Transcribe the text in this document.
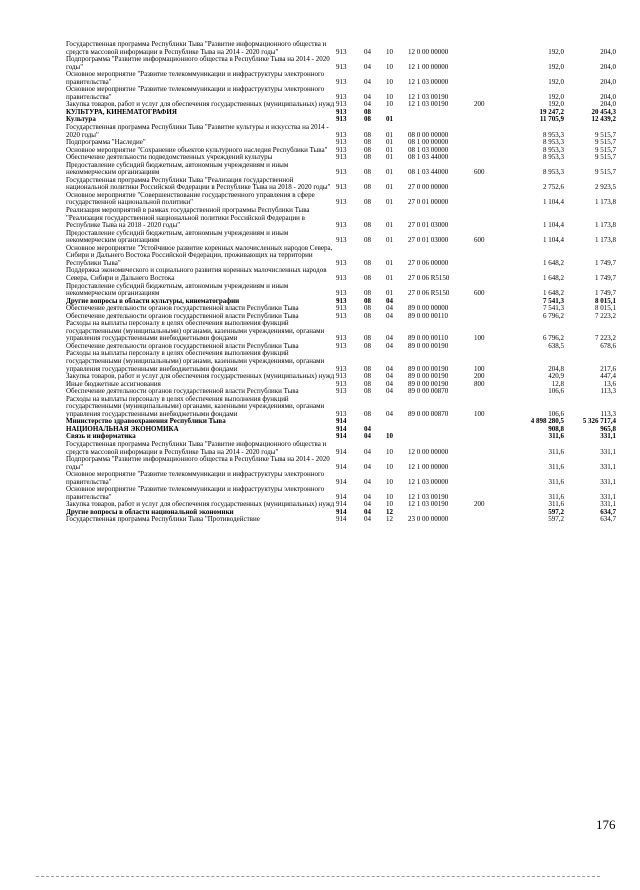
Государственная программа Республики Тыва "Развитие информационного общества и средств массовой информации в Республике Тыва на 2014 - 2020 годы"	913	04	10	12 0 00 00000		192,0	204,0
Подпрограмма "Развитие информационного общества в Республике Тыва на 2014 - 2020 годы"	913	04	10	12 1 00 00000		192,0	204,0
Основное мероприятие "Развитие телекоммуникации и инфраструктуры электронного правительства"	913	04	10	12 1 03 00000		192,0	204,0
Основное мероприятие "Развитие телекоммуникации и инфраструктуры электронного правительства"	913	04	10	12 1 03 00190		192,0	204,0
Закупка товаров, работ и услуг для обеспечения государственных (муниципальных) нужд	913	04	10	12 1 03 00190	200	192,0	204,0
КУЛЬТУРА, КИНЕМАТОГРАФИЯ	913	08				19 247,2	20 454,3
Культура	913	08	01			11 705,9	12 439,2
Государственная программа Республики Тыва "Развитие культуры и искусства на 2014 - 2020 годы"	913	08	01	08 0 00 00000		8 953,3	9 515,7
Подпрограмма "Наследие"	913	08	01	08 1 00 00000		8 953,3	9 515,7
Основное мероприятие "Сохранение объектов культурного наследия Республики Тыва"	913	08	01	08 1 03 00000		8 953,3	9 515,7
Обеспечение деятельности подведомственных учреждений культуры	913	08	01	08 1 03 44000		8 953,3	9 515,7
Предоставление субсидий бюджетным, автономным учреждениям и иным некоммерческим организациям	913	08	01	08 1 03 44000	600	8 953,3	9 515,7
Государственная программа Республики Тыва "Реализация государственной национальной политики Российской Федерации в Республике Тыва на 2018 - 2020 годы"	913	08	01	27 0 00 00000		2 752,6	2 923,5
Основное мероприятие "Совершенствование государственного управления в сфере государственной национальной политики"	913	08	01	27 0 01 00000		1 104,4	1 173,8
Реализация мероприятий в рамках государственной программы Республики Тыва "Реализация государственной национальной политики Российской Федерации в Республике Тыва на 2018 - 2020 годы"	913	08	01	27 0 01 03000		1 104,4	1 173,8
Предоставление субсидий бюджетным, автономным учреждениям и иным некоммерческим организациям	913	08	01	27 0 01 03000	600	1 104,4	1 173,8
Основное мероприятие "Устойчивое развитие коренных малочисленных народов Севера, Сибири и Дальнего Востока Российской Федерации, проживающих на территории Республики Тыва"	913	08	01	27 0 06 00000		1 648,2	1 749,7
Поддержка экономического и социального развития коренных малочисленных народов Севера, Сибири и Дальнего Востока	913	08	01	27 0 06 R5150		1 648,2	1 749,7
Предоставление субсидий бюджетным, автономным учреждениям и иным некоммерческим организациям	913	08	01	27 0 06 R5150	600	1 648,2	1 749,7
Другие вопросы в области культуры, кинематографии	913	08	04			7 541,3	8 015,1
Обеспечение деятельности органов государственной власти Республики Тыва	913	08	04	89 0 00 00000		7 541,3	8 015,1
Обеспечение деятельности органов государственной власти Республики Тыва	913	08	04	89 0 00 00110		6 796,2	7 223,2
Расходы на выплаты персоналу в целях обеспечения выполнения функций государственными (муниципальными) органами, казенными учреждениями, органами управления государственными внебюджетными фондами	913	08	04	89 0 00 00110	100	6 796,2	7 223,2
Обеспечение деятельности органов государственной власти Республики Тыва	913	08	04	89 0 00 00190		638,5	678,6
Расходы на выплаты персоналу в целях обеспечения выполнения функций государственными (муниципальными) органами, казенными учреждениями, органами управления государственными внебюджетными фондами	913	08	04	89 0 00 00190	100	204,8	217,6
Закупка товаров, работ и услуг для обеспечения государственных (муниципальных) нужд	913	08	04	89 0 00 00190	200	420,9	447,4
Иные бюджетные ассигнования	913	08	04	89 0 00 00190	800	12,8	13,6
Обеспечение деятельности органов государственной власти Республики Тыва	913	08	04	89 0 00 00870		106,6	113,3
Расходы на выплаты персоналу в целях обеспечения выполнения функций государственными (муниципальными) органами, казенными учреждениями, органами управления государственными внебюджетными фондами	913	08	04	89 0 00 00870	100	106,6	113,3
Министерство здравоохранения Республики Тыва	914					4 898 280,5	5 326 717,4
НАЦИОНАЛЬНАЯ ЭКОНОМИКА	914	04				908,8	965,8
Связь и информатика	914	04	10			311,6	331,1
Государственная программа Республики Тыва "Развитие информационного общества и средств массовой информации в Республике Тыва на 2014 - 2020 годы"	914	04	10	12 0 00 00000		311,6	331,1
Подпрограмма "Развитие информационного общества в Республике Тыва на 2014 - 2020 годы"	914	04	10	12 1 00 00000		311,6	331,1
Основное мероприятие "Развитие телекоммуникации и инфраструктуры электронного правительства"	914	04	10	12 1 03 00000		311,6	331,1
Основное мероприятие "Развитие телекоммуникации и инфраструктуры электронного правительства"	914	04	10	12 1 03 00190		311,6	331,1
Закупка товаров, работ и услуг для обеспечения государственных (муниципальных) нужд	914	04	10	12 1 03 00190	200	311,6	331,1
Другие вопросы в области национальной экономики	914	04	12			597,2	634,7
Государственная программа Республики Тыва "Противодействие	914	04	12	23 0 00 00000		597,2	634,7
176
